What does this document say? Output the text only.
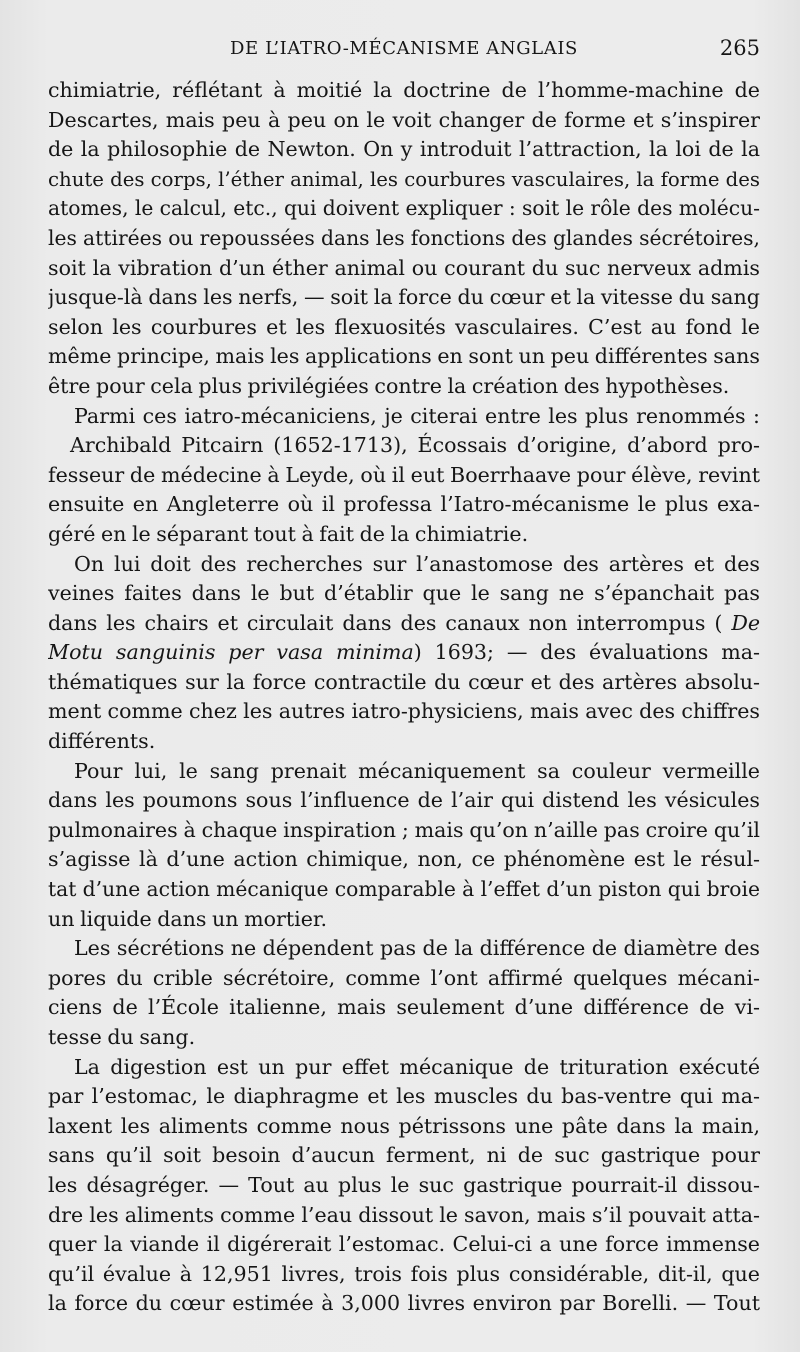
DE L’IATRO-MÉCANISME ANGLAIS	265
chimiatrie, réflétant à moitié la doctrine de l’homme-machine de
Descartes, mais peu à peu on le voit changer de forme et s’inspirer
de la philosophie de Newton. On y introduit l’attraction, la loi de la
chute des corps, l’éther animal, les courbures vasculaires, la forme des
atomes, le calcul, etc., qui doivent expliquer : soit le rôle des molécu-
les attirées ou repoussées dans les fonctions des glandes sécrétoires,
soit la vibration d’un éther animal ou courant du suc nerveux admis
jusque-là dans les nerfs, — soit la force du cœur et la vitesse du sang
selon les courbures et les flexuosités vasculaires. C’est au fond le
même principe, mais les applications en sont un peu différentes sans
être pour cela plus privilégiées contre la création des hypothèses.
Parmi ces iatro-mécaniciens, je citerai entre les plus renommés :
Archibald Pitcairn (1652-1713), Écossais d’origine, d’abord pro-
fesseur de médecine à Leyde, où il eut Boerrhaave pour élève, revint
ensuite en Angleterre où il professa l’Iatro-mécanisme le plus exa-
géré en le séparant tout à fait de la chimiatrie.
On lui doit des recherches sur l’anastomose des artères et des
veines faites dans le but d’établir que le sang ne s’épanchait pas
dans les chairs et circulait dans des canaux non interrompus ( De
Motu sanguinis per vasa minima) 1693; — des évaluations ma-
thématiques sur la force contractile du cœur et des artères absolu-
ment comme chez les autres iatro-physiciens, mais avec des chiffres
différents.
Pour lui, le sang prenait mécaniquement sa couleur vermeille
dans les poumons sous l’influence de l’air qui distend les vésicules
pulmonaires à chaque inspiration ; mais qu’on n’aille pas croire qu’il
s’agisse là d’une action chimique, non, ce phénomène est le résul-
tat d’une action mécanique comparable à l’effet d’un piston qui broie
un liquide dans un mortier.
Les sécrétions ne dépendent pas de la différence de diamètre des
pores du crible sécrétoire, comme l’ont affirmé quelques mécani-
ciens de l’École italienne, mais seulement d’une différence de vi-
tesse du sang.
La digestion est un pur effet mécanique de trituration exécuté
par l’estomac, le diaphragme et les muscles du bas-ventre qui ma-
laxent les aliments comme nous pétrissons une pâte dans la main,
sans qu’il soit besoin d’aucun ferment, ni de suc gastrique pour
les désagréger. — Tout au plus le suc gastrique pourrait-il dissou-
dre les aliments comme l’eau dissout le savon, mais s’il pouvait atta-
quer la viande il digérerait l’estomac. Celui-ci a une force immense
qu’il évalue à 12,951 livres, trois fois plus considérable, dit-il, que
la force du cœur estimée à 3,000 livres environ par Borelli. — Tout
